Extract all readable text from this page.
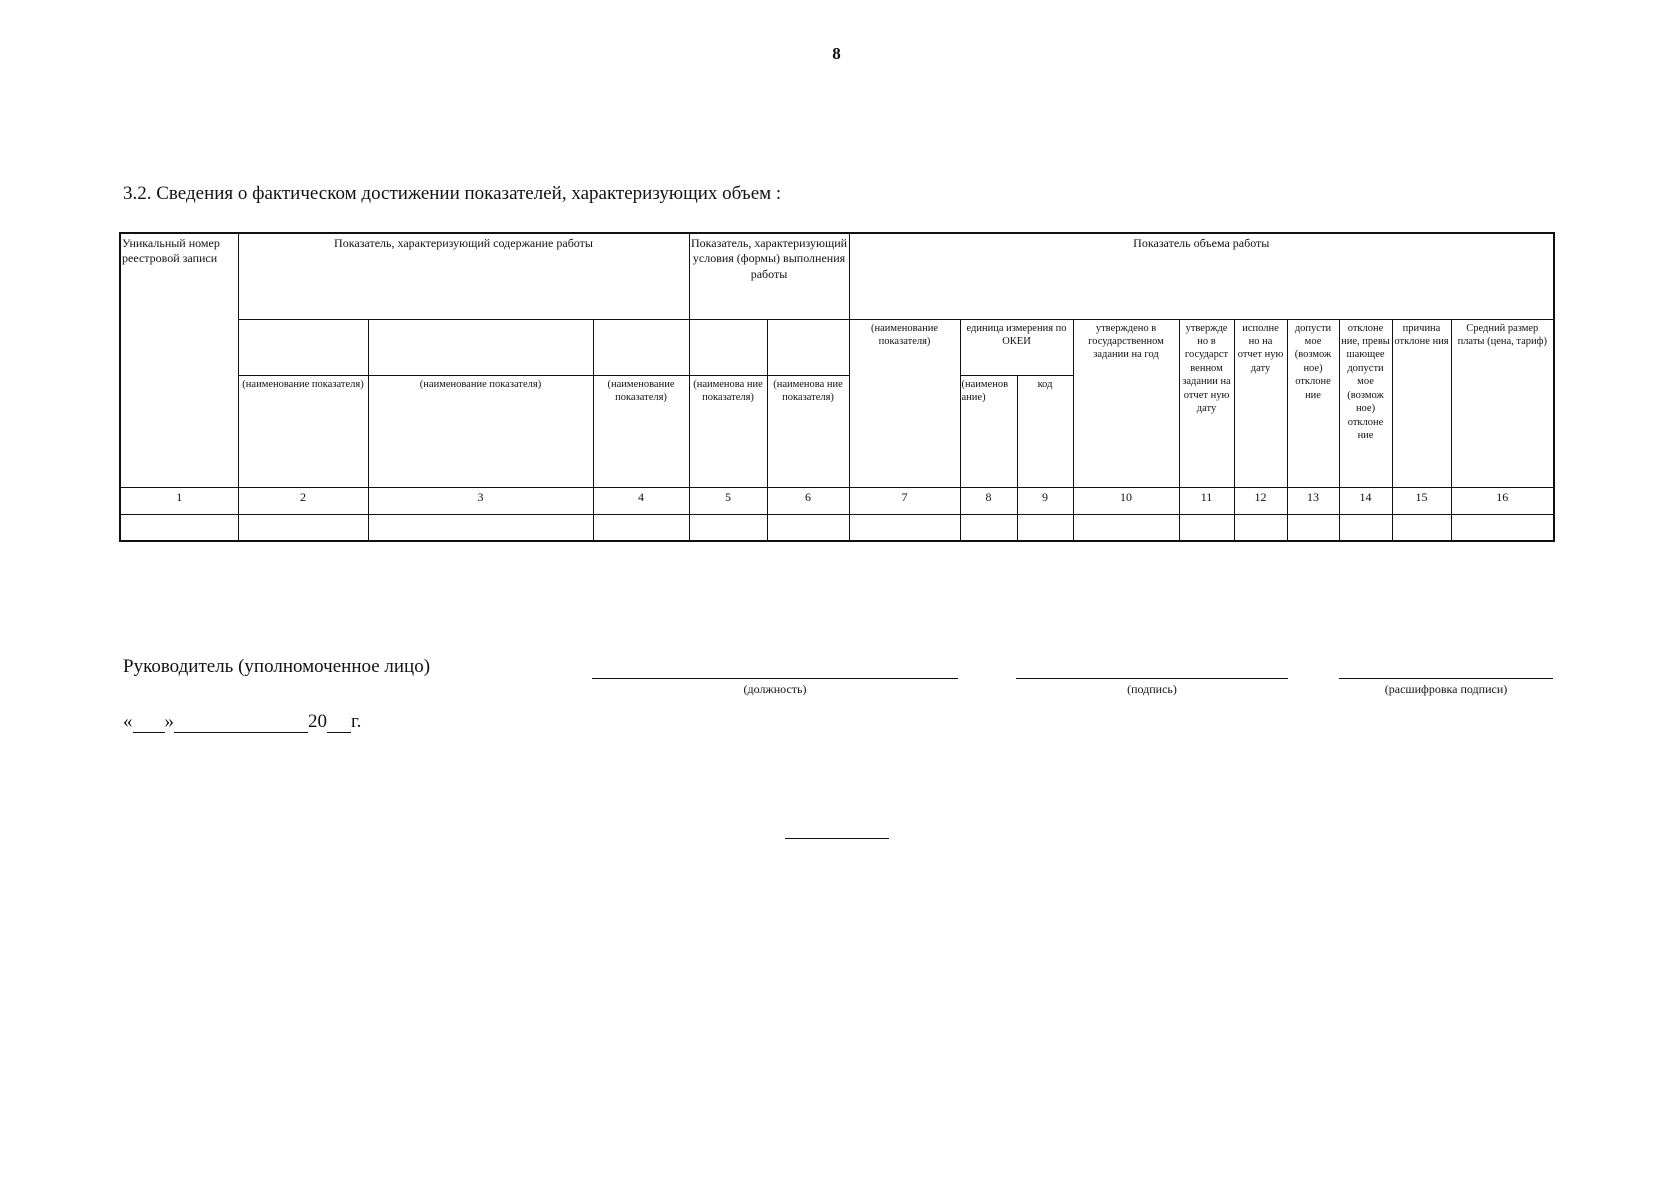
8
3.2. Сведения о фактическом достижении показателей, характеризующих объем :
Уникальный номер реестровой записи	Показатель, характеризующий содержание работы			Показатель, характеризующий условия (формы) выполнения работы		Показатель объема работы									
						(наименование показателя)	единица измерения по ОКЕИ		утверждено в государственном задании на год	утвержде но в государст венном задании на отчет ную дату	исполне но на отчет ную дату	допусти мое (возмож ное) отклоне ние	отклоне ние, превы шающее допусти мое (возмож ное) отклоне ние	причина отклоне ния	Средний размер платы (цена, тариф)
	(наименование показателя)	(наименование показателя)	(наименование показателя)	(наименова ние показателя)	(наименова ние показателя)		(наименов ание)	код							
1	2	3	4	5	6	7	8	9	10	11	12	13	14	15	16

Руководитель (уполномоченное лицо)
(должность)	(подпись)	(расшифровка подписи)
« »	20 г.
